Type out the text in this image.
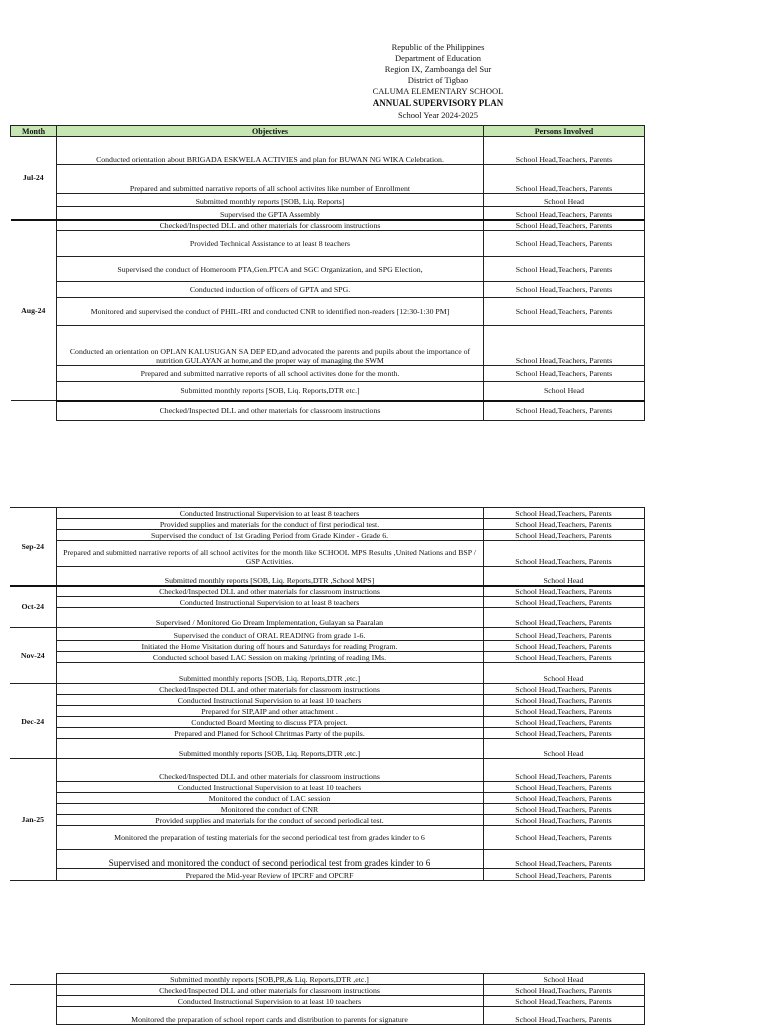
Republic of the Philippines
Department of Education
Region IX, Zamboanga del Sur
District of Tigbao
CALUMA ELEMENTARY SCHOOL
ANNUAL SUPERVISORY PLAN
School Year 2024-2025
Month	Objectives	Persons Involved
Jul-24	Conducted orientation about BRIGADA ESKWELA ACTIVIES and plan for BUWAN NG WIKA Celebration.	School Head,Teachers, Parents
	Prepared and submitted narrative reports of all school activites like number of Enrollment	School Head,Teachers, Parents
	Submitted monthly reports [SOB, Liq. Reports]	School Head
	Supervised the GPTA Assembly	School Head,Teachers, Parents
Aug-24	Checked/Inspected DLL and other materials for classroom instructions	School Head,Teachers, Parents
	Provided Technical Assistance to at least 8 teachers	School Head,Teachers, Parents
	Supervised the conduct of Homeroom PTA,Gen.PTCA and SGC Organization, and SPG Election,	School Head,Teachers, Parents
	Conducted induction of officers of GPTA and SPG.	School Head,Teachers, Parents
	Monitored and supervised the conduct of PHIL-IRI and conducted CNR to identified non-readers [12:30-1:30 PM]	School Head,Teachers, Parents
	Conducted an orientation on OPLAN KALUSUGAN SA DEP ED,and advocated the parents and pupils about the importance of nutrition GULAYAN at home,and the proper way of managing the SWM	School Head,Teachers, Parents
	Prepared and submitted narrative reports of all school activites done for the month.	School Head,Teachers, Parents
	Submitted monthly reports [SOB, Liq. Reports,DTR etc.]	School Head
	Checked/Inspected DLL and other materials for classroom instructions	School Head,Teachers, Parents
Sep-24	Conducted Instructional Supervision to at least 8 teachers	School Head,Teachers, Parents
	Provided supplies and materials for the conduct of first periodical test.	School Head,Teachers, Parents
	Supervised the conduct of 1st Grading Period from Grade Kinder - Grade 6.	School Head,Teachers, Parents
	Prepared and submitted narrative reports of all school activites for the month like SCHOOL MPS Results ,United Nations and BSP / GSP Activities.	School Head,Teachers, Parents
	Submitted monthly reports [SOB, Liq. Reports,DTR ,School MPS]	School Head
Oct-24	Checked/Inspected DLL and other materials for classroom instructions	School Head,Teachers, Parents
	Conducted Instructional Supervision to at least 8 teachers	School Head,Teachers, Parents
	Supervised / Monitored Go Dream Implementation, Gulayan sa Paaralan	School Head,Teachers, Parents
Nov-24	Supervised the conduct of ORAL READING from grade 1-6.	School Head,Teachers, Parents
	Initiated the Home Visitation during off hours and Saturdays for reading Program.	School Head,Teachers, Parents
	Conducted school based LAC Session on making /printing of reading IMs.	School Head,Teachers, Parents
	Submitted monthly reports [SOB, Liq. Reports,DTR ,etc.]	School Head
Dec-24	Checked/Inspected DLL and other materials for classroom instructions	School Head,Teachers, Parents
	Conducted Instructional Supervision to at least 10 teachers	School Head,Teachers, Parents
	Prepared for SIP,AIP and other attachment .	School Head,Teachers, Parents
	Conducted Board Meeting to discuss PTA project.	School Head,Teachers, Parents
	Prepared and Planed for School Chritmas Party of the pupils.	School Head,Teachers, Parents
	Submitted monthly reports [SOB, Liq. Reports,DTR ,etc.]	School Head
Jan-25	Checked/Inspected DLL and other materials for classroom instructions	School Head,Teachers, Parents
	Conducted Instructional Supervision to at least 10 teachers	School Head,Teachers, Parents
	Monitored the conduct of LAC session	School Head,Teachers, Parents
	Monitored the conduct of CNR	School Head,Teachers, Parents
	Provided supplies and materials for the conduct of second periodical test.	School Head,Teachers, Parents
	Monitored the preparation of testing materials for the second periodical test from grades kinder to 6	School Head,Teachers, Parents
	Supervised and monitored the conduct of second periodical test from grades kinder to 6	School Head,Teachers, Parents
	Prepared the Mid-year Review of IPCRF and OPCRF	School Head,Teachers, Parents
	Submitted monthly reports [SOB,PR,& Liq. Reports,DTR ,etc.]	School Head
	Checked/Inspected DLL and other materials for classroom instructions	School Head,Teachers, Parents
	Conducted Instructional Supervision to at least 10 teachers	School Head,Teachers, Parents
	Monitored the preparation of school report cards and distribution to parents for signature	School Head,Teachers, Parents
